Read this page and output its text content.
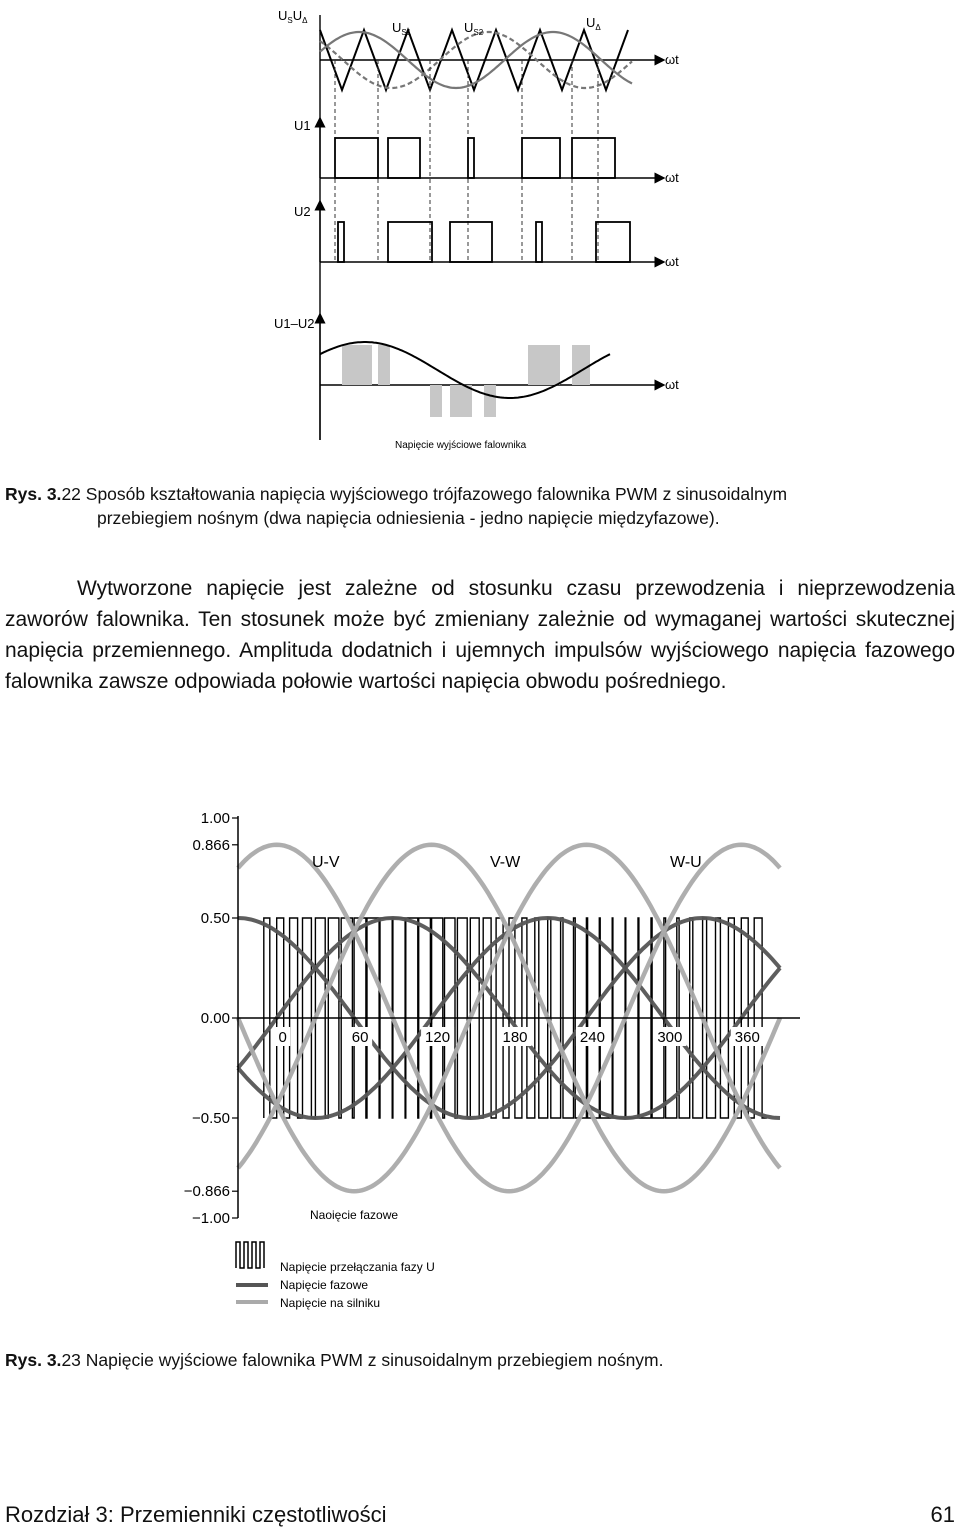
$U_SU_\Delta$	$U_{S1}$	$U_{S2}$
$U_\Delta$
U1
U2
U1–U2
ωt
ωt
ωt
ωt
Napięcie wyjściowe falownika
Rys. 3.22 Sposób kształtowania napięcia wyjściowego trójfazowego falownika PWM z sinusoidalnym
przebiegiem nośnym (dwa napięcia odniesienia - jedno napięcie międzyfazowe).

Wytworzone napięcie jest zależne od stosunku czasu przewodzenia i nieprzewodzenia zaworów falownika. Ten stosunek może być zmieniany zależnie od wymaganej wartości skutecznej napięcia przemiennego. Amplituda dodatnich i ujemnych impulsów wyjściowego napięcia fazowego falownika zawsze odpowiada połowie wartości napięcia obwodu pośredniego.

1.00
0.866
0.50
0.00
−0.50
−0.866
−1.00
0	60	120	180	240	300	360
U-V	V-W	W-U
Naoięcie fazowe
Napięcie przełączania fazy U
Napięcie fazowe
Napięcie na silniku
Rys. 3.23 Napięcie wyjściowe falownika PWM z sinusoidalnym przebiegiem nośnym.
Rozdział 3: Przemienniki częstotliwości	61
